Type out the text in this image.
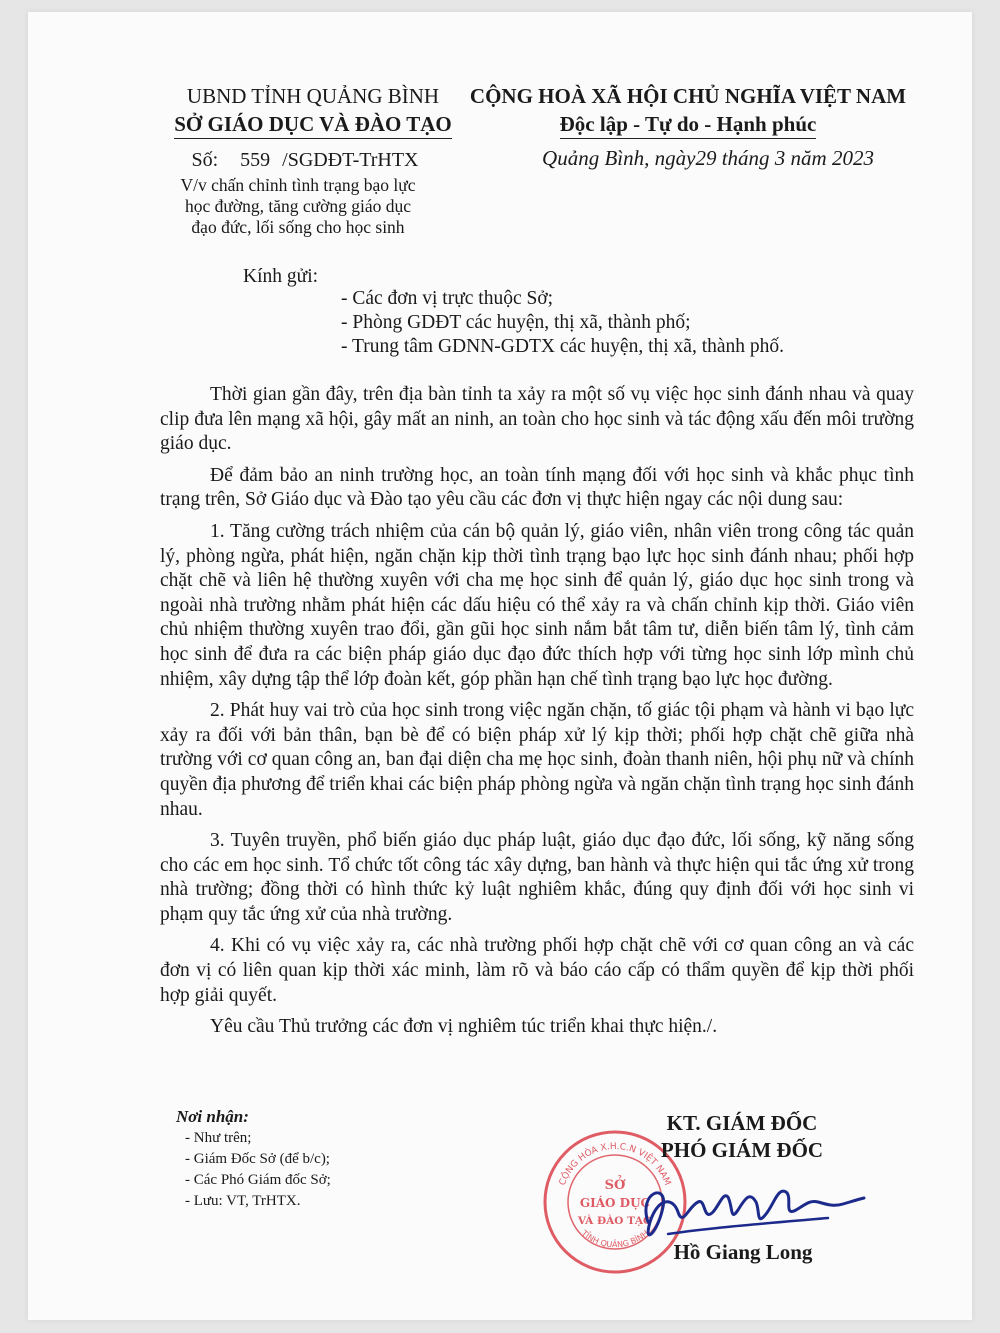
UBND TỈNH QUẢNG BÌNH
SỞ GIÁO DỤC VÀ ĐÀO TẠO
CỘNG HOÀ XÃ HỘI CHỦ NGHĨA VIỆT NAM
Độc lập - Tự do - Hạnh phúc
Số: 559 /SGDĐT-TrHTX
V/v chấn chỉnh tình trạng bạo lực
học đường, tăng cường giáo dục
đạo đức, lối sống cho học sinh
Quảng Bình, ngày29 tháng 3 năm 2023
Kính gửi:
- Các đơn vị trực thuộc Sở;
- Phòng GDĐT các huyện, thị xã, thành phố;
- Trung tâm GDNN-GDTX các huyện, thị xã, thành phố.

Thời gian gần đây, trên địa bàn tỉnh ta xảy ra một số vụ việc học sinh đánh nhau và quay clip đưa lên mạng xã hội, gây mất an ninh, an toàn cho học sinh và tác động xấu đến môi trường giáo dục.

Để đảm bảo an ninh trường học, an toàn tính mạng đối với học sinh và khắc phục tình trạng trên, Sở Giáo dục và Đào tạo yêu cầu các đơn vị thực hiện ngay các nội dung sau:

1. Tăng cường trách nhiệm của cán bộ quản lý, giáo viên, nhân viên trong công tác quản lý, phòng ngừa, phát hiện, ngăn chặn kịp thời tình trạng bạo lực học sinh đánh nhau; phối hợp chặt chẽ và liên hệ thường xuyên với cha mẹ học sinh để quản lý, giáo dục học sinh trong và ngoài nhà trường nhằm phát hiện các dấu hiệu có thể xảy ra và chấn chỉnh kịp thời. Giáo viên chủ nhiệm thường xuyên trao đổi, gần gũi học sinh nắm bắt tâm tư, diễn biến tâm lý, tình cảm học sinh để đưa ra các biện pháp giáo dục đạo đức thích hợp với từng học sinh lớp mình chủ nhiệm, xây dựng tập thể lớp đoàn kết, góp phần hạn chế tình trạng bạo lực học đường.

2. Phát huy vai trò của học sinh trong việc ngăn chặn, tố giác tội phạm và hành vi bạo lực xảy ra đối với bản thân, bạn bè để có biện pháp xử lý kịp thời; phối hợp chặt chẽ giữa nhà trường với cơ quan công an, ban đại diện cha mẹ học sinh, đoàn thanh niên, hội phụ nữ và chính quyền địa phương để triển khai các biện pháp phòng ngừa và ngăn chặn tình trạng học sinh đánh nhau.

3. Tuyên truyền, phổ biến giáo dục pháp luật, giáo dục đạo đức, lối sống, kỹ năng sống cho các em học sinh. Tổ chức tốt công tác xây dựng, ban hành và thực hiện qui tắc ứng xử trong nhà trường; đồng thời có hình thức kỷ luật nghiêm khắc, đúng quy định đối với học sinh vi phạm quy tắc ứng xử của nhà trường.

4. Khi có vụ việc xảy ra, các nhà trường phối hợp chặt chẽ với cơ quan công an và các đơn vị có liên quan kịp thời xác minh, làm rõ và báo cáo cấp có thẩm quyền để kịp thời phối hợp giải quyết.

Yêu cầu Thủ trưởng các đơn vị nghiêm túc triển khai thực hiện./.

Nơi nhận:
- Như trên;
- Giám Đốc Sở (để b/c);
- Các Phó Giám đốc Sở;
- Lưu: VT, TrHTX.
CỘNG HÒA X.H.C.N VIỆT NAM
TỈNH QUẢNG BÌNH
SỞ
GIÁO DỤC
VÀ ĐÀO TẠO
KT. GIÁM ĐỐC
PHÓ GIÁM ĐỐC
Hồ Giang Long
